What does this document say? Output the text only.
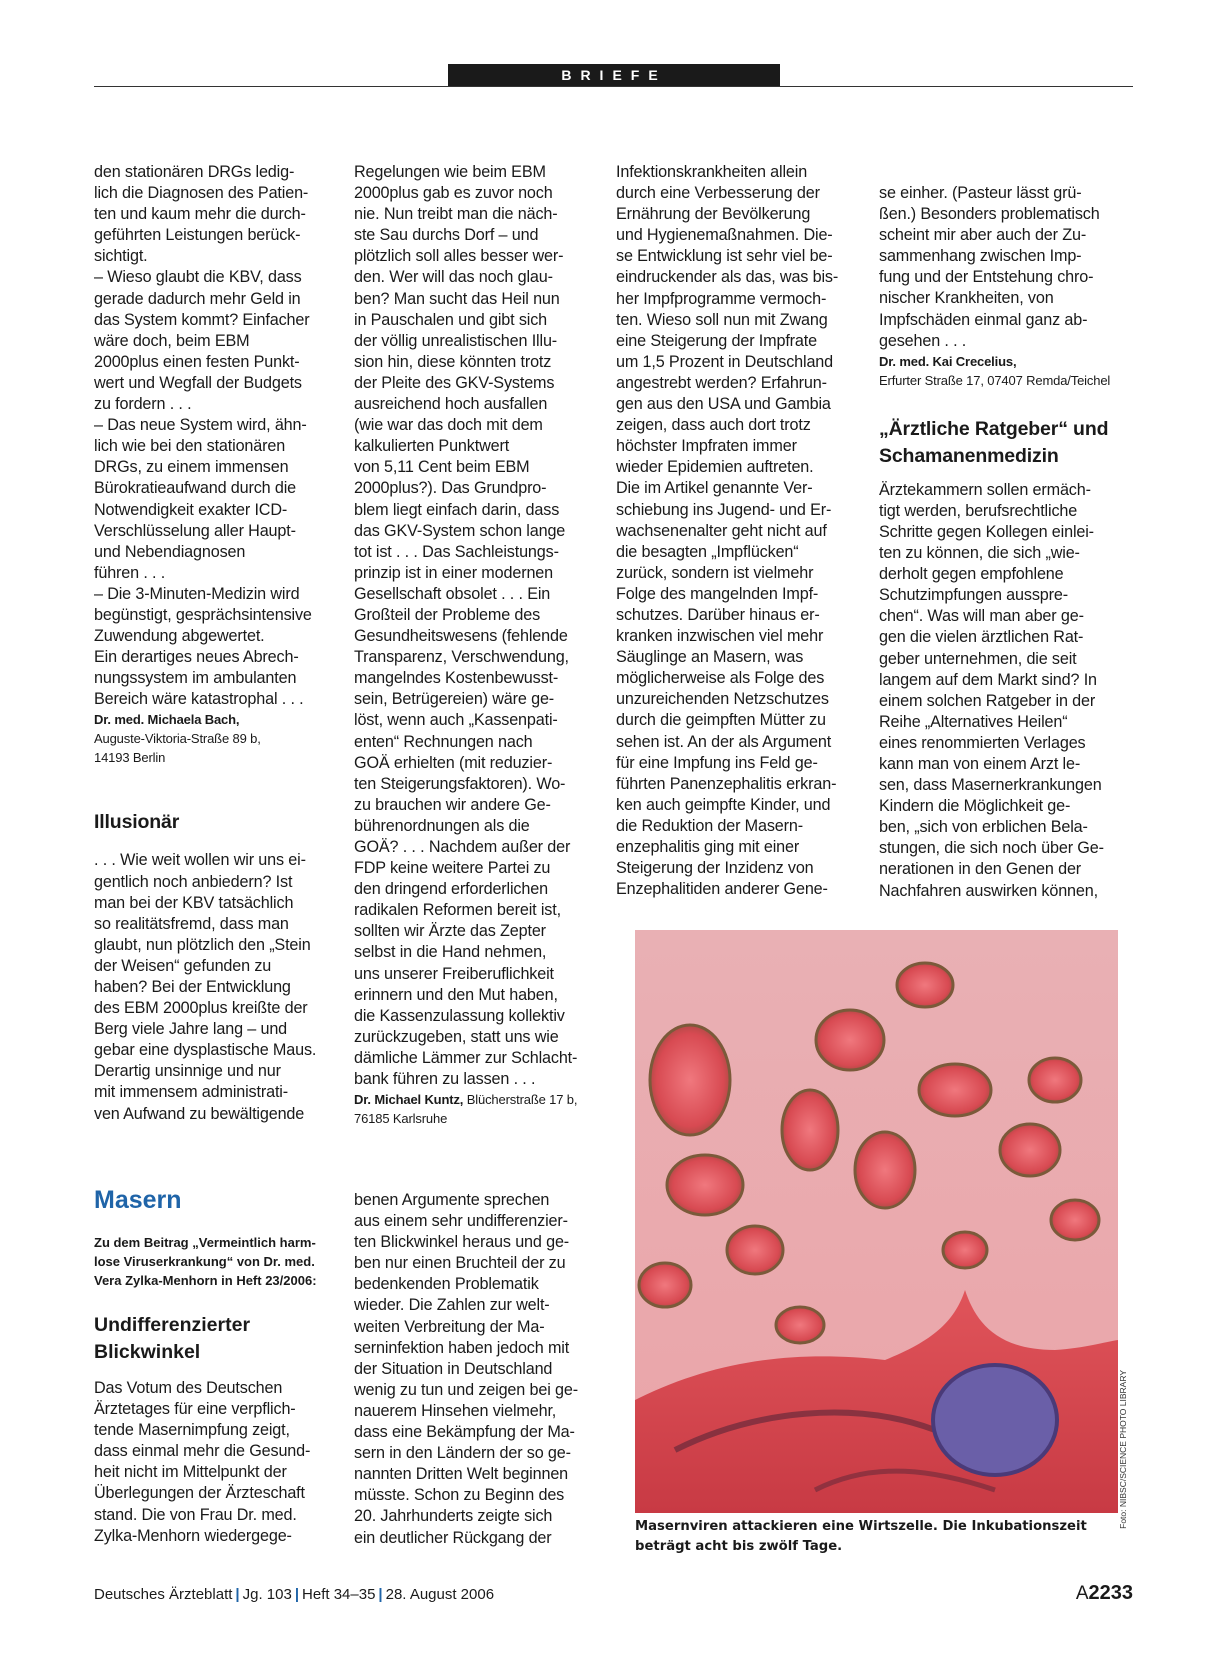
BRIEFE

den stationären DRGs ledig-
lich die Diagnosen des Patien-
ten und kaum mehr die durch-
geführten Leistungen berück-
sichtigt.
– Wieso glaubt die KBV, dass
gerade dadurch mehr Geld in
das System kommt? Einfacher
wäre doch, beim EBM
2000plus einen festen Punkt-
wert und Wegfall der Budgets
zu fordern . . .
– Das neue System wird, ähn-
lich wie bei den stationären
DRGs, zu einem immensen
Bürokratieaufwand durch die
Notwendigkeit exakter ICD-
Verschlüsselung aller Haupt-
und Nebendiagnosen
führen . . .
– Die 3-Minuten-Medizin wird
begünstigt, gesprächsintensive
Zuwendung abgewertet.
Ein derartiges neues Abrech-
nungssystem im ambulanten
Bereich wäre katastrophal . . .

Dr. med. Michaela Bach,

Auguste-Viktoria-Straße 89 b,
14193 Berlin

Illusionär

. . . Wie weit wollen wir uns ei-
gentlich noch anbiedern? Ist
man bei der KBV tatsächlich
so realitätsfremd, dass man
glaubt, nun plötzlich den „Stein
der Weisen“ gefunden zu
haben? Bei der Entwicklung
des EBM 2000plus kreißte der
Berg viele Jahre lang – und
gebar eine dysplastische Maus.
Derartig unsinnige und nur
mit immensem administrati-
ven Aufwand zu bewältigende

Regelungen wie beim EBM
2000plus gab es zuvor noch
nie. Nun treibt man die näch-
ste Sau durchs Dorf – und
plötzlich soll alles besser wer-
den. Wer will das noch glau-
ben? Man sucht das Heil nun
in Pauschalen und gibt sich
der völlig unrealistischen Illu-
sion hin, diese könnten trotz
der Pleite des GKV-Systems
ausreichend hoch ausfallen
(wie war das doch mit dem
kalkulierten Punktwert
von 5,11 Cent beim EBM
2000plus?). Das Grundpro-
blem liegt einfach darin, dass
das GKV-System schon lange
tot ist . . . Das Sachleistungs-
prinzip ist in einer modernen
Gesellschaft obsolet . . . Ein
Großteil der Probleme des
Gesundheitswesens (fehlende
Transparenz, Verschwendung,
mangelndes Kostenbewusst-
sein, Betrügereien) wäre ge-
löst, wenn auch „Kassenpati-
enten“ Rechnungen nach
GOÄ erhielten (mit reduzier-
ten Steigerungsfaktoren). Wo-
zu brauchen wir andere Ge-
bührenordnungen als die
GOÄ? . . . Nachdem außer der
FDP keine weitere Partei zu
den dringend erforderlichen
radikalen Reformen bereit ist,
sollten wir Ärzte das Zepter
selbst in die Hand nehmen,
uns unserer Freiberuflichkeit
erinnern und den Mut haben,
die Kassenzulassung kollektiv
zurückzugeben, statt uns wie
dämliche Lämmer zur Schlacht-
bank führen zu lassen . . .

Dr. Michael Kuntz, Blücherstraße 17 b,

76185 Karlsruhe

Infektionskrankheiten allein
durch eine Verbesserung der
Ernährung der Bevölkerung
und Hygienemaßnahmen. Die-
se Entwicklung ist sehr viel be-
eindruckender als das, was bis-
her Impfprogramme vermoch-
ten. Wieso soll nun mit Zwang
eine Steigerung der Impfrate
um 1,5 Prozent in Deutschland
angestrebt werden? Erfahrun-
gen aus den USA und Gambia
zeigen, dass auch dort trotz
höchster Impfraten immer
wieder Epidemien auftreten.
Die im Artikel genannte Ver-
schiebung ins Jugend- und Er-
wachsenenalter geht nicht auf
die besagten „Impflücken“
zurück, sondern ist vielmehr
Folge des mangelnden Impf-
schutzes. Darüber hinaus er-
kranken inzwischen viel mehr
Säuglinge an Masern, was
möglicherweise als Folge des
unzureichenden Netzschutzes
durch die geimpften Mütter zu
sehen ist. An der als Argument
für eine Impfung ins Feld ge-
führten Panenzephalitis erkran-
ken auch geimpfte Kinder, und
die Reduktion der Masern-
enzephalitis ging mit einer
Steigerung der Inzidenz von
Enzephalitiden anderer Gene-

se einher. (Pasteur lässt grü-
ßen.) Besonders problematisch
scheint mir aber auch der Zu-
sammenhang zwischen Imp-
fung und der Entstehung chro-
nischer Krankheiten, von
Impfschäden einmal ganz ab-
gesehen . . .

Dr. med. Kai Crecelius,

Erfurter Straße 17, 07407 Remda/Teichel

„Ärztliche Ratgeber“ und
Schamanenmedizin

Ärztekammern sollen ermäch-
tigt werden, berufsrechtliche
Schritte gegen Kollegen einlei-
ten zu können, die sich „wie-
derholt gegen empfohlene
Schutzimpfungen ausspre-
chen“. Was will man aber ge-
gen die vielen ärztlichen Rat-
geber unternehmen, die seit
langem auf dem Markt sind? In
einem solchen Ratgeber in der
Reihe „Alternatives Heilen“
eines renommierten Verlages
kann man von einem Arzt le-
sen, dass Masernerkrankungen
Kindern die Möglichkeit ge-
ben, „sich von erblichen Bela-
stungen, die sich noch über Ge-
nerationen in den Genen der
Nachfahren auswirken können,

Masern

Zu dem Beitrag „Vermeintlich harm-
lose Viruserkrankung“ von Dr. med.
Vera Zylka-Menhorn in Heft 23/2006:

Undifferenzierter
Blickwinkel

Das Votum des Deutschen
Ärztetages für eine verpflich-
tende Masernimpfung zeigt,
dass einmal mehr die Gesund-
heit nicht im Mittelpunkt der
Überlegungen der Ärzteschaft
stand. Die von Frau Dr. med.
Zylka-Menhorn wiedergege-

benen Argumente sprechen
aus einem sehr undifferenzier-
ten Blickwinkel heraus und ge-
ben nur einen Bruchteil der zu
bedenkenden Problematik
wieder. Die Zahlen zur welt-
weiten Verbreitung der Ma-
serninfektion haben jedoch mit
der Situation in Deutschland
wenig zu tun und zeigen bei ge-
nauerem Hinsehen vielmehr,
dass eine Bekämpfung der Ma-
sern in den Ländern der so ge-
nannten Dritten Welt beginnen
müsste. Schon zu Beginn des
20. Jahrhunderts zeigte sich
ein deutlicher Rückgang der

Foto: NIBSC/SCIENCE PHOTO LIBRARY

Masernviren attackieren eine Wirtszelle. Die Inkubationszeit
beträgt acht bis zwölf Tage.

Deutsches Ärzteblatt | Jg. 103 | Heft 34–35 | 28. August 2006	A2233
